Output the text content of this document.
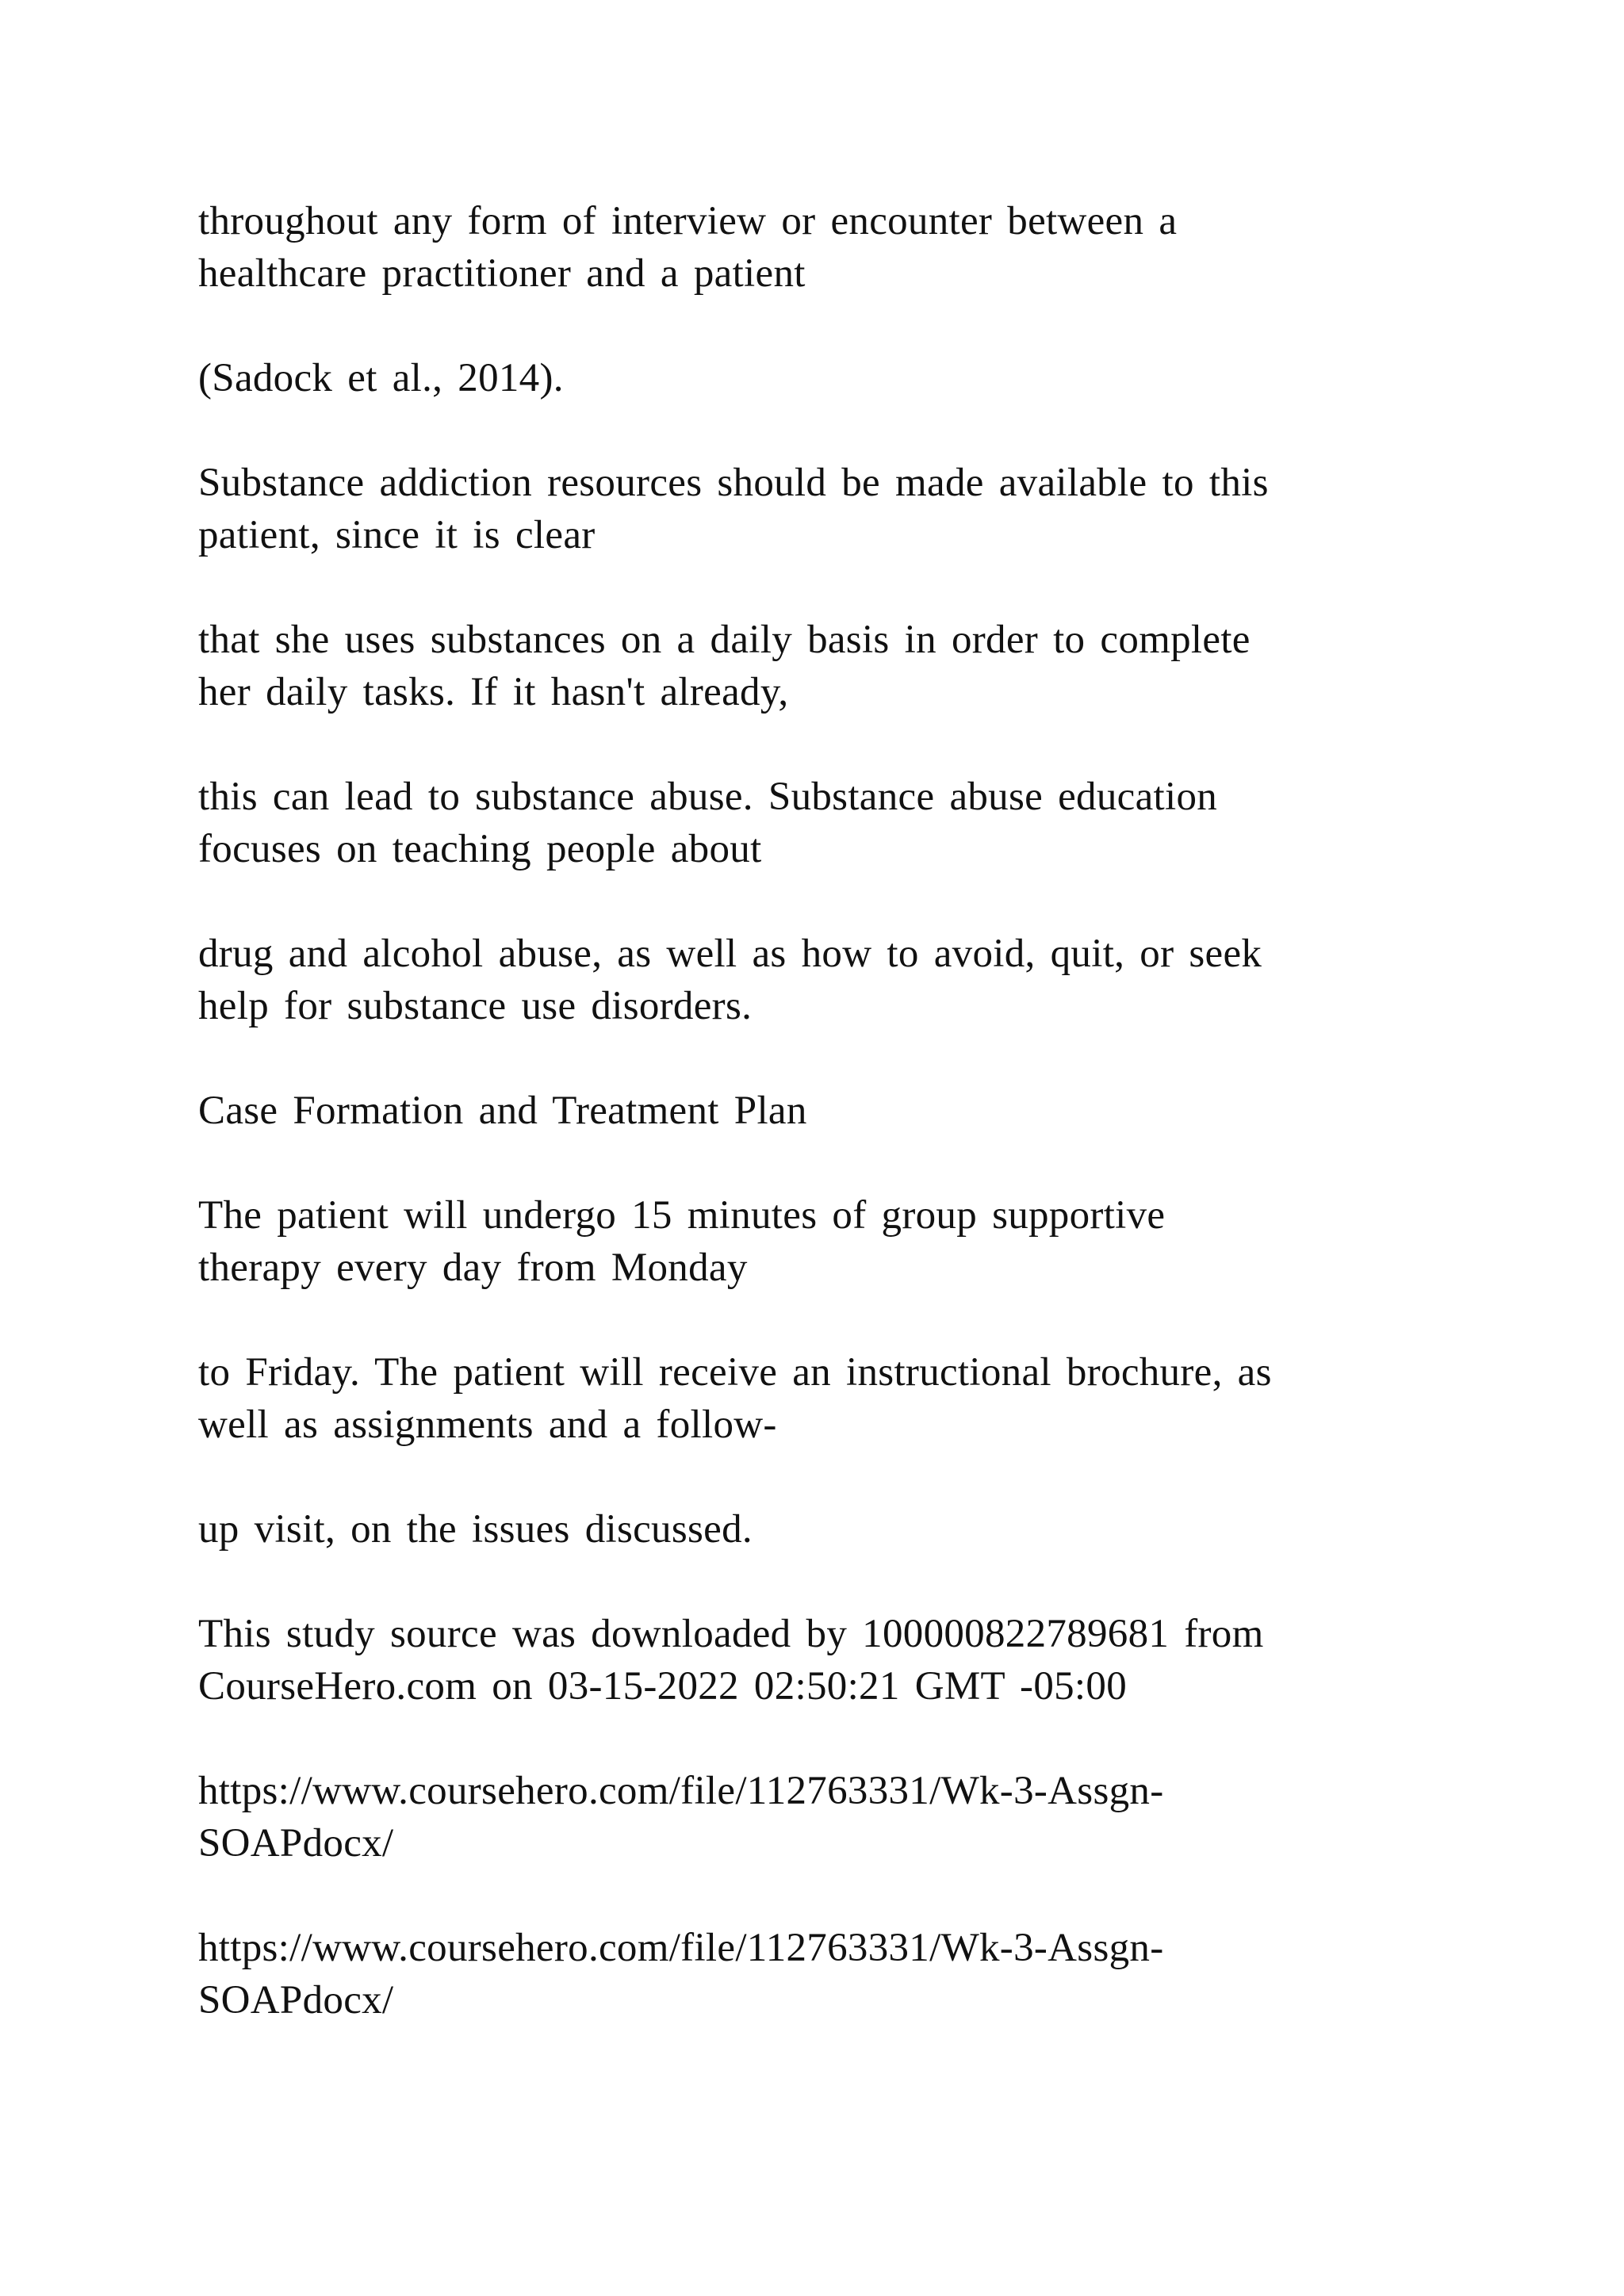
throughout any form of interview or encounter between a
healthcare practitioner and a patient

(Sadock et al., 2014).

Substance addiction resources should be made available to this
patient, since it is clear

that she uses substances on a daily basis in order to complete
her daily tasks. If it hasn't already,

this can lead to substance abuse. Substance abuse education
focuses on teaching people about

drug and alcohol abuse, as well as how to avoid, quit, or seek
help for substance use disorders.

Case Formation and Treatment Plan

The patient will undergo 15 minutes of group supportive
therapy every day from Monday

to Friday. The patient will receive an instructional brochure, as
well as assignments and a follow-

up visit, on the issues discussed.

This study source was downloaded by 100000822789681 from
CourseHero.com on 03-15-2022 02:50:21 GMT -05:00

https://www.coursehero.com/file/112763331/Wk-3-Assgn-
SOAPdocx/

https://www.coursehero.com/file/112763331/Wk-3-Assgn-
SOAPdocx/
